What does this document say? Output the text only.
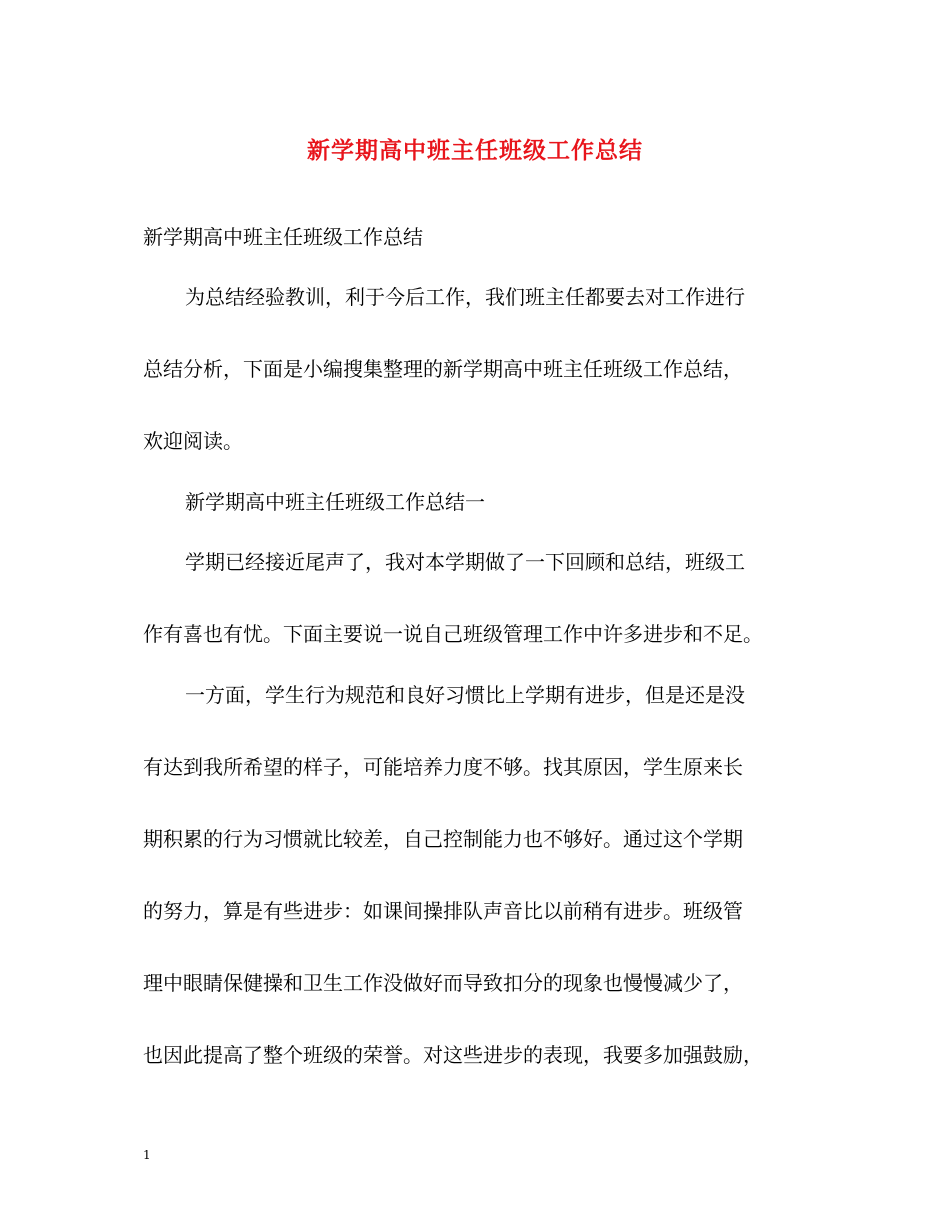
新学期高中班主任班级工作总结
新学期高中班主任班级工作总结
为总结经验教训，利于今后工作，我们班主任都要去对工作进行
总结分析，下面是小编搜集整理的新学期高中班主任班级工作总结，
欢迎阅读。
新学期高中班主任班级工作总结一
学期已经接近尾声了，我对本学期做了一下回顾和总结，班级工
作有喜也有忧。下面主要说一说自己班级管理工作中许多进步和不足。
一方面，学生行为规范和良好习惯比上学期有进步，但是还是没
有达到我所希望的样子，可能培养力度不够。找其原因，学生原来长
期积累的行为习惯就比较差，自己控制能力也不够好。通过这个学期
的努力，算是有些进步：如课间操排队声音比以前稍有进步。班级管
理中眼睛保健操和卫生工作没做好而导致扣分的现象也慢慢减少了，
也因此提高了整个班级的荣誉。对这些进步的表现，我要多加强鼓励，
1
